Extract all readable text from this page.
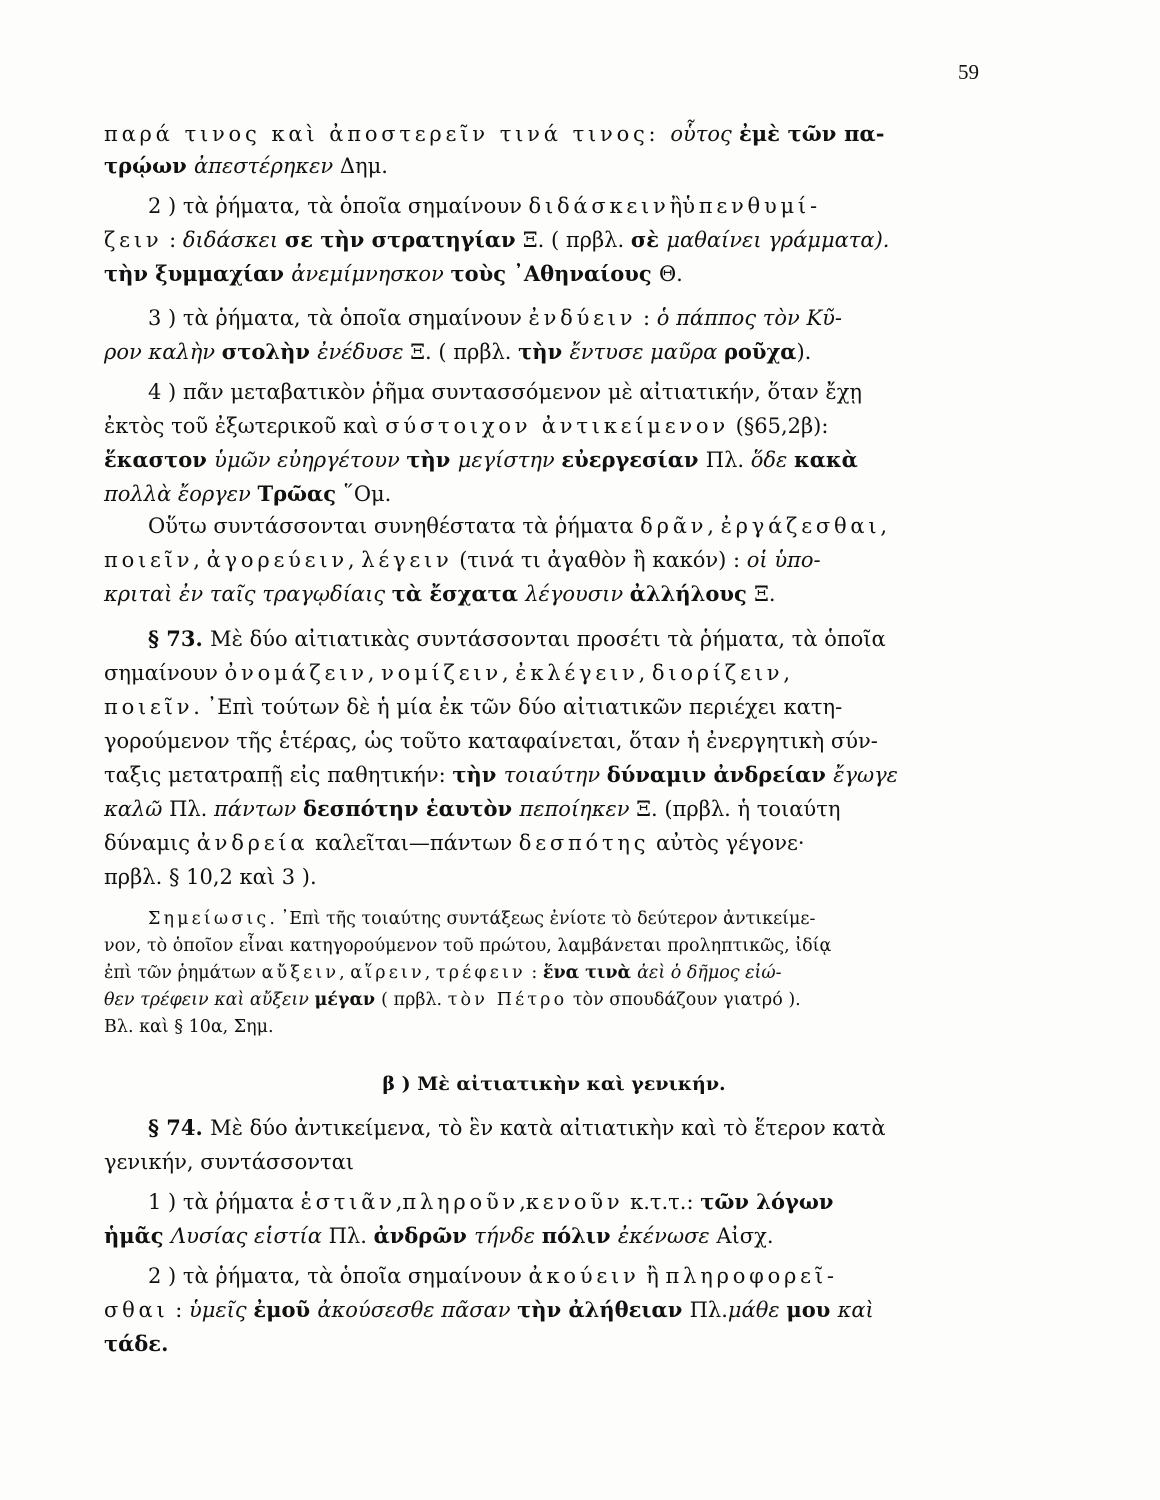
59
παρά τινος καὶ ἀποστερεῖν τινά τινος: οὗτος ἐμὲ τῶν πα-
τρῴων ἀπεστέρηκεν Δημ.
2 ) τὰ ῥήματα, τὰ ὁποῖα σημαίνουν διδάσκεινἢὑπενθυμί-
ζειν : διδάσκει σε τὴν στρατηγίαν Ξ. ( πρβλ. σὲ μαθαίνει γράμματα).
τὴν ξυμμαχίαν ἀνεμίμνησκον τοὺς ᾿Αθηναίους Θ.
3 ) τὰ ῥήματα, τὰ ὁποῖα σημαίνουν ἐνδύειν : ὁ πάππος τὸν Κῦ-
ρον καλὴν στολὴν ἐνέδυσε Ξ. ( πρβλ. τὴν ἔντυσε μαῦρα ροῦχα).
4 ) πᾶν μεταβατικὸν ῥῆμα συντασσόμενον μὲ αἰτιατικήν, ὅταν ἔχῃ
ἐκτὸς τοῦ ἐξωτερικοῦ καὶ σύστοιχον ἀντικείμενον (§65,2β):
ἕκαστον ὑμῶν εὐηργέτουν τὴν μεγίστην εὐεργεσίαν Πλ. ὅδε κακὰ
πολλὰ ἔοργεν Τρῶας ῞Ομ.
Οὕτω συντάσσονται συνηθέστατα τὰ ῥήματα δρᾶν, ἐργάζεσθαι,
ποιεῖν, ἀγορεύειν, λέγειν (τινά τι ἀγαθὸν ἢ κακόν) : οἱ ὑπο-
κριταὶ ἐν ταῖς τραγῳδίαις τὰ ἔσχατα λέγουσιν ἀλλήλους Ξ.
§ 73. Μὲ δύο αἰτιατικὰς συντάσσονται προσέτι τὰ ῥήματα, τὰ ὁποῖα
σημαίνουν ὀνομάζειν, νομίζειν, ἐκλέγειν, διορίζειν,
ποιεῖν. ᾿Επὶ τούτων δὲ ἡ μία ἐκ τῶν δύο αἰτιατικῶν περιέχει κατη-
γορούμενον τῆς ἑτέρας, ὡς τοῦτο καταφαίνεται, ὅταν ἡ ἐνεργητικὴ σύν-
ταξις μετατραπῇ εἰς παθητικήν: τὴν τοιαύτην δύναμιν ἀνδρείαν ἔγωγε
καλῶ Πλ. πάντων δεσπότην ἑαυτὸν πεποίηκεν Ξ. (πρβλ. ἡ τοιαύτη
δύναμις ἀνδρεία καλεῖται—πάντων δεσπότης αὐτὸς γέγονε·
πρβλ. § 10,2 καὶ 3 ).
Σημείωσις. ᾿Επὶ τῆς τοιαύτης συντάξεως ἐνίοτε τὸ δεύτερον ἀντικείμε-
νον, τὸ ὁποῖον εἶναι κατηγορούμενον τοῦ πρώτου, λαμβάνεται προληπτικῶς, ἰδίᾳ
ἐπὶ τῶν ῥημάτων αὔξειν, αἵρειν, τρέφειν : ἕνα τινὰ ἀεὶ ὁ δῆμος εἰώ-
θεν τρέφειν καὶ αὔξειν μέγαν ( πρβλ. τὸν Πέτρο τὸν σπουδάζουν γιατρό ).
Βλ. καὶ § 10α, Σημ.
β ) Μὲ αἰτιατικὴν καὶ γενικήν.
§ 74. Μὲ δύο ἀντικείμενα, τὸ ἓν κατὰ αἰτιατικὴν καὶ τὸ ἕτερον κατὰ
γενικήν, συντάσσονται
1 ) τὰ ῥήματα ἑστιᾶν,πληροῦν,κενοῦν κ.τ.τ.: τῶν λόγων
ἡμᾶς Λυσίας εἱστία Πλ. ἀνδρῶν τήνδε πόλιν ἐκένωσε Αἰσχ.
2 ) τὰ ῥήματα, τὰ ὁποῖα σημαίνουν ἀκούειν ἢ πληροφορεῖ-
σθαι : ὑμεῖς ἐμοῦ ἀκούσεσθε πᾶσαν τὴν ἀλήθειαν Πλ.μάθε μου καὶ
τάδε.
